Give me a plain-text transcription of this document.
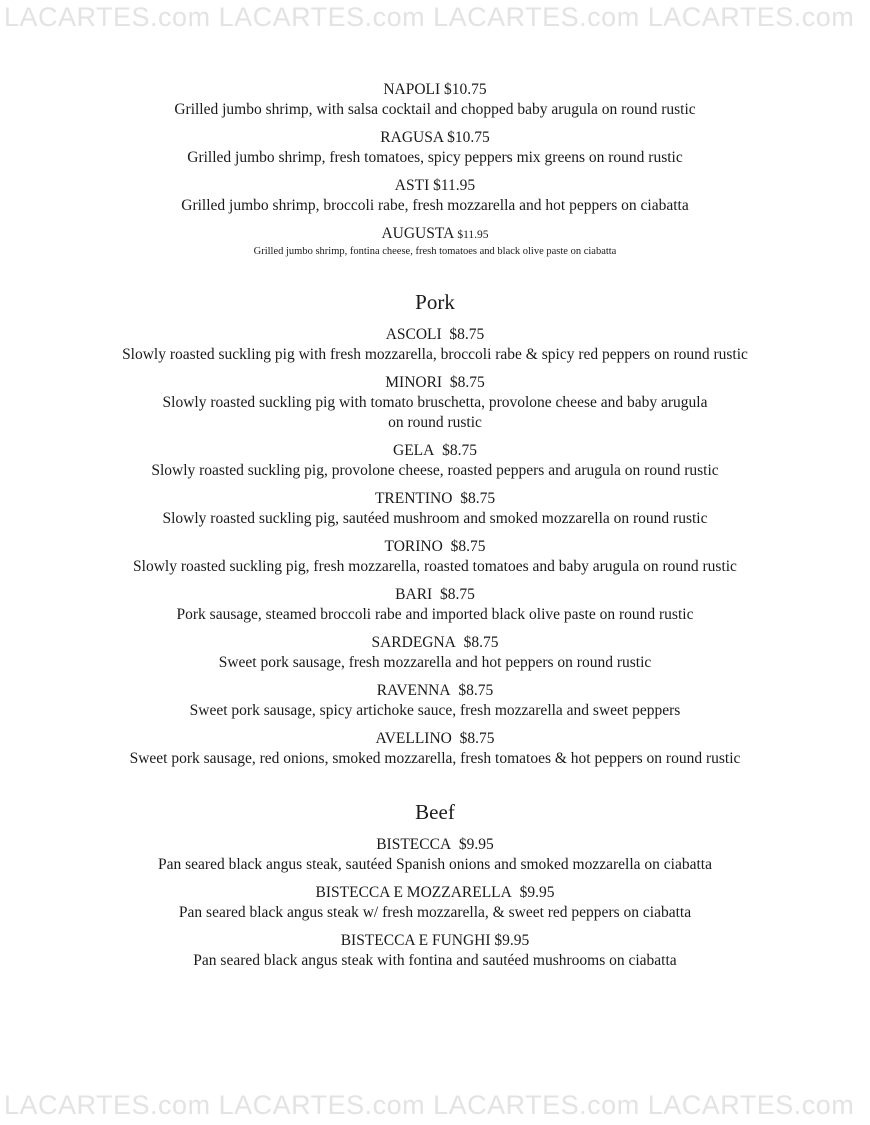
LACARTES.com LACARTES.com LACARTES.com LACARTES.com
NAPOLI $10.75
Grilled jumbo shrimp, with salsa cocktail and chopped baby arugula on round rustic
RAGUSA $10.75
Grilled jumbo shrimp, fresh tomatoes, spicy peppers mix greens on round rustic
ASTI $11.95
Grilled jumbo shrimp, broccoli rabe, fresh mozzarella and hot peppers on ciabatta
AUGUSTA $11.95
Grilled jumbo shrimp, fontina cheese, fresh tomatoes and black olive paste on ciabatta
Pork
ASCOLI $8.75
Slowly roasted suckling pig with fresh mozzarella, broccoli rabe & spicy red peppers on round rustic
MINORI $8.75
Slowly roasted suckling pig with tomato bruschetta, provolone cheese and baby arugula on round rustic
GELA $8.75
Slowly roasted suckling pig, provolone cheese, roasted peppers and arugula on round rustic
TRENTINO $8.75
Slowly roasted suckling pig, sautéed mushroom and smoked mozzarella on round rustic
TORINO $8.75
Slowly roasted suckling pig, fresh mozzarella, roasted tomatoes and baby arugula on round rustic
BARI $8.75
Pork sausage, steamed broccoli rabe and imported black olive paste on round rustic
SARDEGNA $8.75
Sweet pork sausage, fresh mozzarella and hot peppers on round rustic
RAVENNA $8.75
Sweet pork sausage, spicy artichoke sauce, fresh mozzarella and sweet peppers
AVELLINO $8.75
Sweet pork sausage, red onions, smoked mozzarella, fresh tomatoes & hot peppers on round rustic
Beef
BISTECCA $9.95
Pan seared black angus steak, sautéed Spanish onions and smoked mozzarella on ciabatta
BISTECCA E MOZZARELLA $9.95
Pan seared black angus steak w/ fresh mozzarella, & sweet red peppers on ciabatta
BISTECCA E FUNGHI $9.95
Pan seared black angus steak with fontina and sautéed mushrooms on ciabatta
LACARTES.com LACARTES.com LACARTES.com LACARTES.com
